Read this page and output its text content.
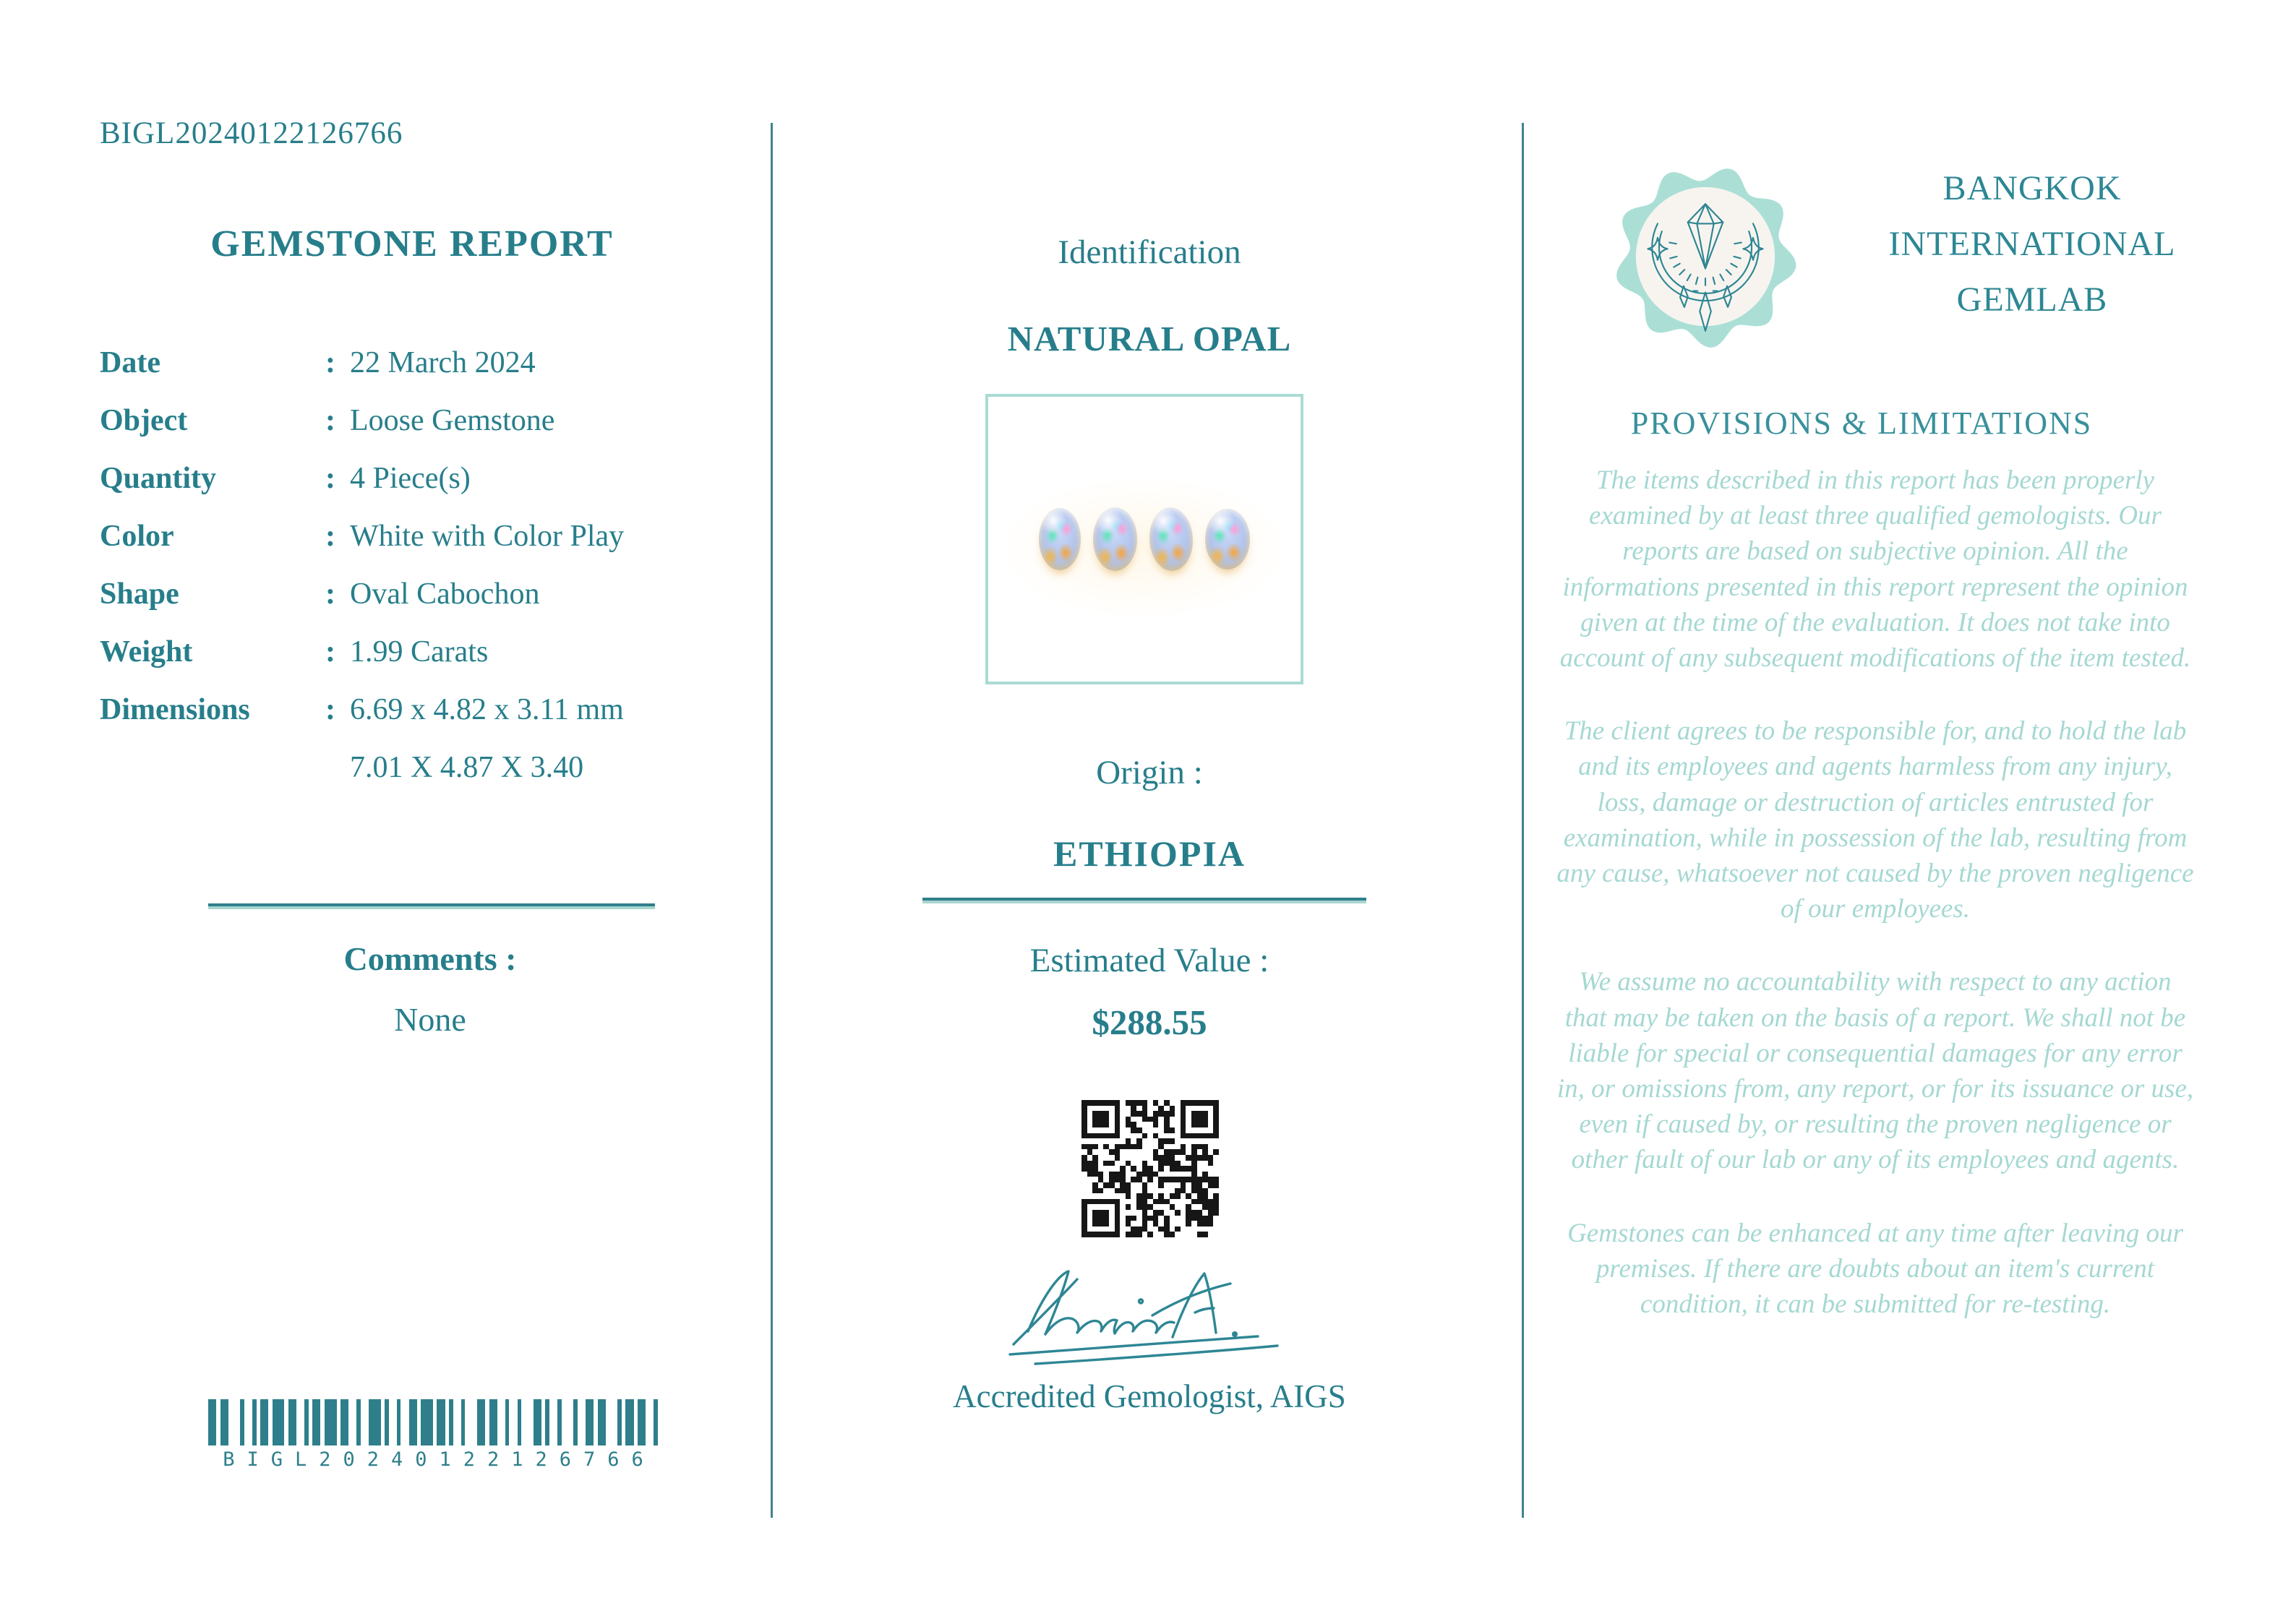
BIGL20240122126766
GEMSTONE REPORT
Date	: 22 March 2024
Object	: Loose Gemstone
Quantity	: 4 Piece(s)
Color	: White with Color Play
Shape	: Oval Cabochon
Weight	: 1.99 Carats
Dimensions	: 6.69 x 4.82 x 3.11 mm
7.01 X 4.87 X 3.40
Comments :
None
BIGL20240122126766
Identification
NATURAL OPAL
Origin :
ETHIOPIA
Estimated Value :
$288.55
Accredited Gemologist, AIGS
BANGKOK
INTERNATIONAL
GEMLAB
PROVISIONS & LIMITATIONS

The items described in this report has been properly examined by at least three qualified gemologists. Our reports are based on subjective opinion. All the informations presented in this report represent the opinion given at the time of the evaluation. It does not take into account of any subsequent modifications of the item tested.

The client agrees to be responsible for, and to hold the lab and its employees and agents harmless from any injury, loss, damage or destruction of articles entrusted for examination, while in possession of the lab, resulting from any cause, whatsoever not caused by the proven negligence of our employees.

We assume no accountability with respect to any action that may be taken on the basis of a report. We shall not be liable for special or consequential damages for any error in, or omissions from, any report, or for its issuance or use, even if caused by, or resulting the proven negligence or other fault of our lab or any of its employees and agents.

Gemstones can be enhanced at any time after leaving our premises. If there are doubts about an item's current condition, it can be submitted for re-testing.
